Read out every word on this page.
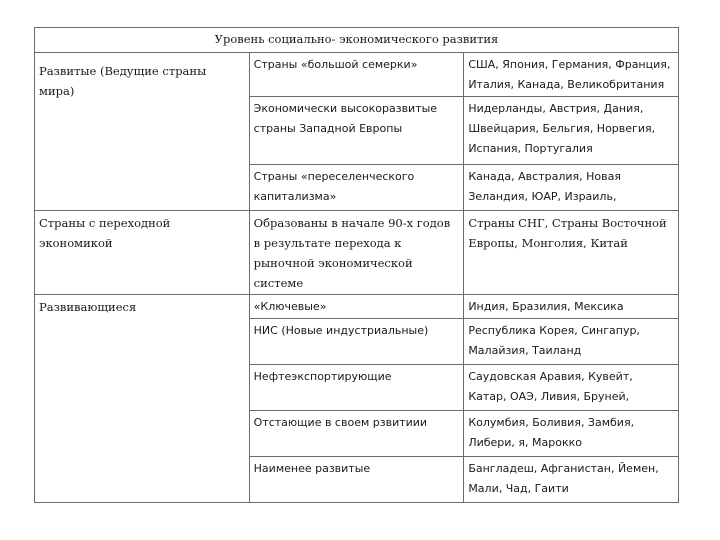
Уровень социально- экономического развития		
Развитые (Ведущие страны мира)	Страны «большой семерки»	США, Япония, Германия, Франция, Италия, Канада, Великобритания
	Экономически высокоразвитые страны Западной Европы	Нидерланды, Австрия, Дания, Швейцария, Бельгия, Норвегия, Испания, Португалия
	Страны «переселенческого капитализма»	Канада, Австралия, Новая Зеландия, ЮАР, Израиль,
Страны с переходной экономикой	Образованы в начале 90-х годов в результате перехода к рыночной экономической системе	Страны СНГ, Страны Восточной Европы, Монголия, Китай
Развивающиеся	«Ключевые»	Индия, Бразилия, Мексика
	НИС (Новые индустриальные)	Республика Корея, Сингапур, Малайзия, Таиланд
	Нефтеэкспортирующие	Саудовская Аравия, Кувейт, Катар, ОАЭ, Ливия, Бруней,
	Отстающие в своем рзвитиии	Колумбия, Боливия, Замбия, Либери, я, Марокко
	Наименее развитые	Бангладеш, Афганистан, Йемен, Мали, Чад, Гаити
